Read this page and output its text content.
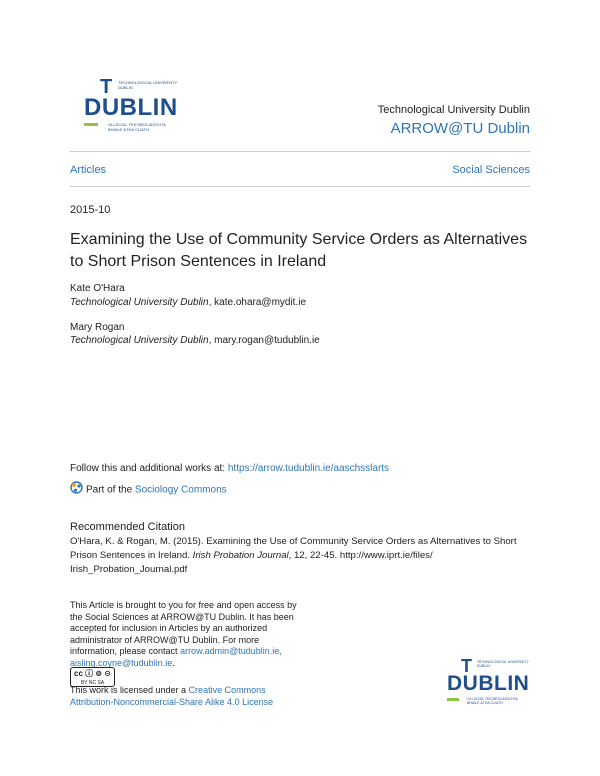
TECHNOLOGICAL UNIVERSITY
DUBLIN
T
DUBLIN
OLLSCOIL TEICNEOLAÍOCHTA
BHAILE ÁTHA CLIATH
Technological University Dublin
ARROW@TU Dublin
Articles	Social Sciences
2015-10
Examining the Use of Community Service Orders as Alternatives
to Short Prison Sentences in Ireland
Kate O'Hara
Technological University Dublin, kate.ohara@mydit.ie
Mary Rogan
Technological University Dublin, mary.rogan@tudublin.ie
Follow this and additional works at: https://arrow.tudublin.ie/aaschsslarts
Part of the Sociology Commons
Recommended Citation
O'Hara, K. & Rogan, M. (2015). Examining the Use of Community Service Orders as Alternatives to Short
Prison Sentences in Ireland. Irish Probation Journal, 12, 22-45. http://www.iprt.ie/files/
Irish_Probation_Journal.pdf
This Article is brought to you for free and open access by
the Social Sciences at ARROW@TU Dublin. It has been
accepted for inclusion in Articles by an authorized
administrator of ARROW@TU Dublin. For more
information, please contact arrow.admin@tudublin.ie,
aisling.coyne@tudublin.ie.
cc ⓘ ⊜ ⊝
BY NC SA
This work is licensed under a Creative Commons
Attribution-Noncommercial-Share Alike 4.0 License
TECHNOLOGICAL UNIVERSITY
DUBLIN
T
DUBLIN
OLLSCOIL TEICNEOLAÍOCHTA
BHAILE ÁTHA CLIATH
